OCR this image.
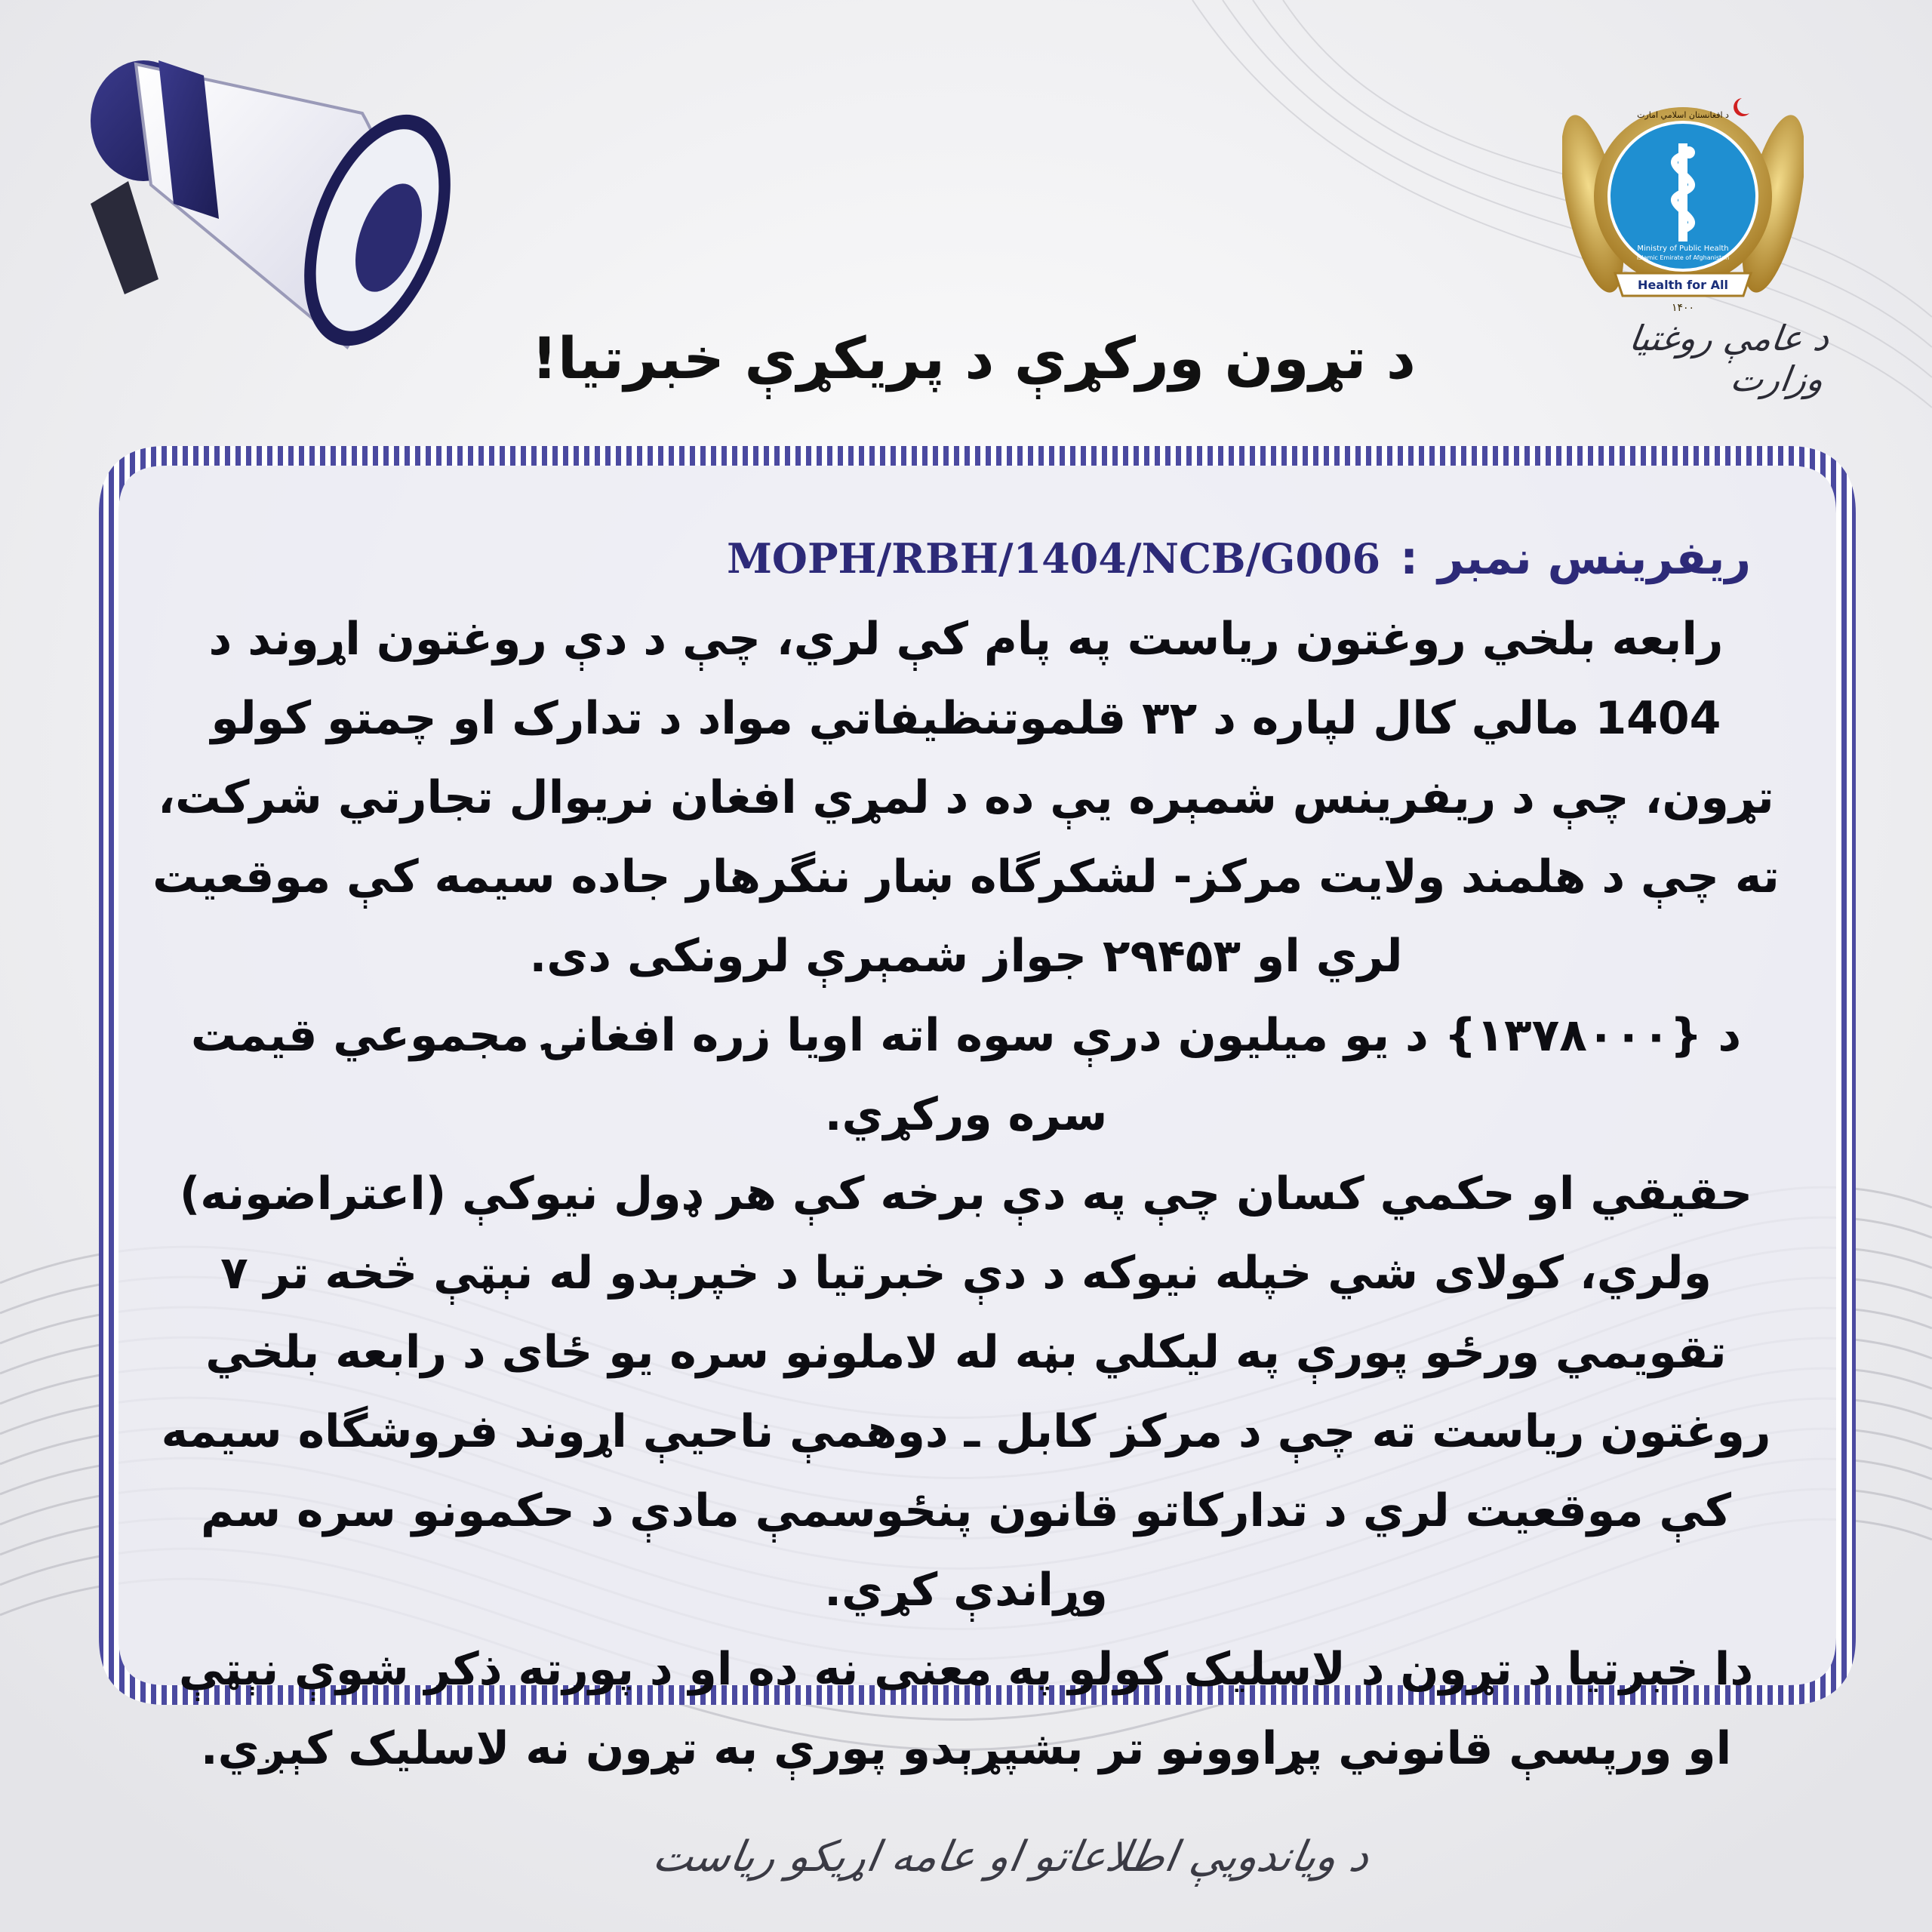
Ministry of Public Health
Islamic Emirate of Afghanistan
د افغانستان اسلامي امارت
Health for All
۱۴۰۰
د عامې روغتیا وزارت
د تړون ورکړې د پریکړې خبرتیا!
ریفرینس نمبر
:
MOPH/RBH/1404/NCB/G006

رابعه بلخي روغتون ریاست په پام کې لري، چې د دې روغتون اړوند د 1404 مالي کال لپاره د ۳۲ قلموتنظیفاتي مواد د تدارک او چمتو کولو تړون، چې د ریفرینس شمېره یې ده د لمړي افغان نریوال تجارتي شرکت، ته چې د هلمند ولایت مرکز- لشکرگاه ښار ننگرهار جاده سیمه کې موقعیت لري او ۲۹۴۵۳ جواز شمېرې لرونکی دی.

د {۱۳۷۸۰۰۰} د یو میلیون درې سوه اته اویا زره افغانۍ مجموعي قیمت سره ورکړي.

حقیقي او حکمي کسان چې په دې برخه کې هر ډول نیوکې (اعتراضونه) ولري، کولای شي خپله نیوکه د دې خبرتیا د خپرېدو له نېټې څخه تر ۷ تقویمي ورځو پورې په لیکلي بڼه له لاملونو سره یو ځای د رابعه بلخي روغتون ریاست ته چې د مرکز کابل ـ دوهمې ناحیې اړوند فروشگاه سیمه کې موقعیت لري د تدارکاتو قانون پنځوسمې مادې د حکمونو سره سم وړاندې کړي.

دا خبرتیا د تړون د لاسلیک کولو په معنی نه ده او د پورته ذکر شوې نېټې او ورپسې قانوني پړاوونو تر بشپړېدو پورې به تړون نه لاسلیک کېږي.

د ویاندویې اطلاعاتو او عامه اړیکو ریاست
